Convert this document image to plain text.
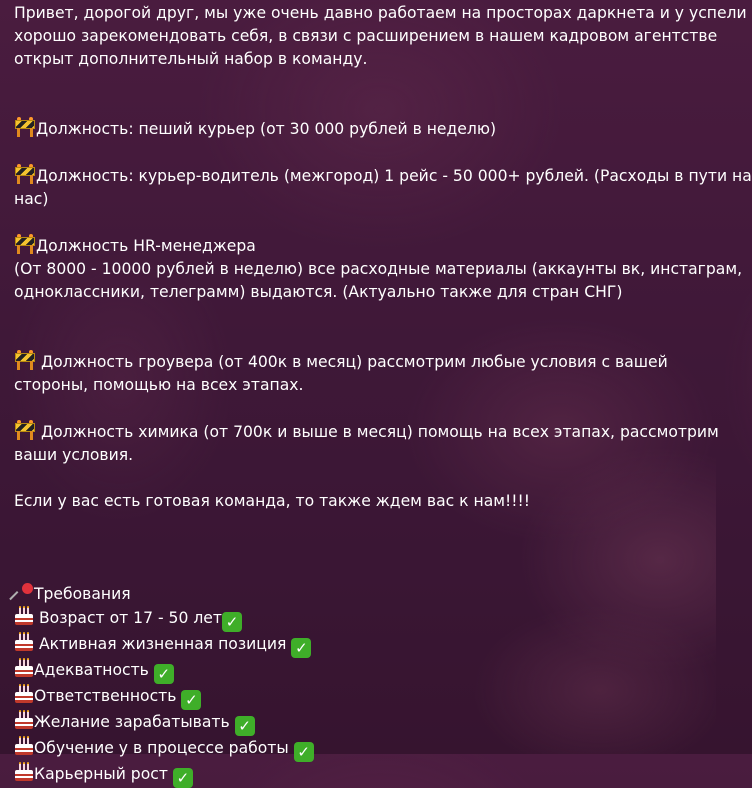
Привет, дорогой друг, мы уже очень давно работаем на просторах даркнета и у успели
хорошо зарекомендовать себя, в связи с расширением в нашем кадровом агентстве
открыт дополнительный набор в команду.
Должность: пеший курьер (от 30 000 рублей в неделю)
Должность: курьер-водитель (межгород) 1 рейс - 50 000+ рублей. (Расходы в пути на
нас)
Должность HR-менеджера
(От 8000 - 10000 рублей в неделю) все расходные материалы (аккаунты вк, инстаграм,
одноклассники, телеграмм) выдаются. (Актуально также для стран СНГ)
Должность гроувера (от 400к в месяц) рассмотрим любые условия с вашей
стороны, помощью на всех этапах.
Должность химика (от 700к и выше в месяц) помощь на всех этапах, рассмотрим
ваши условия.
Если у вас есть готовая команда, то также ждем вас к нам!!!!
Требования
Возраст от 17 - 50 лет ✓
Активная жизненная позиция ✓
Адекватность ✓
Ответственность ✓
Желание зарабатывать ✓
Обучение у в процессе работы ✓
Карьерный рост ✓
